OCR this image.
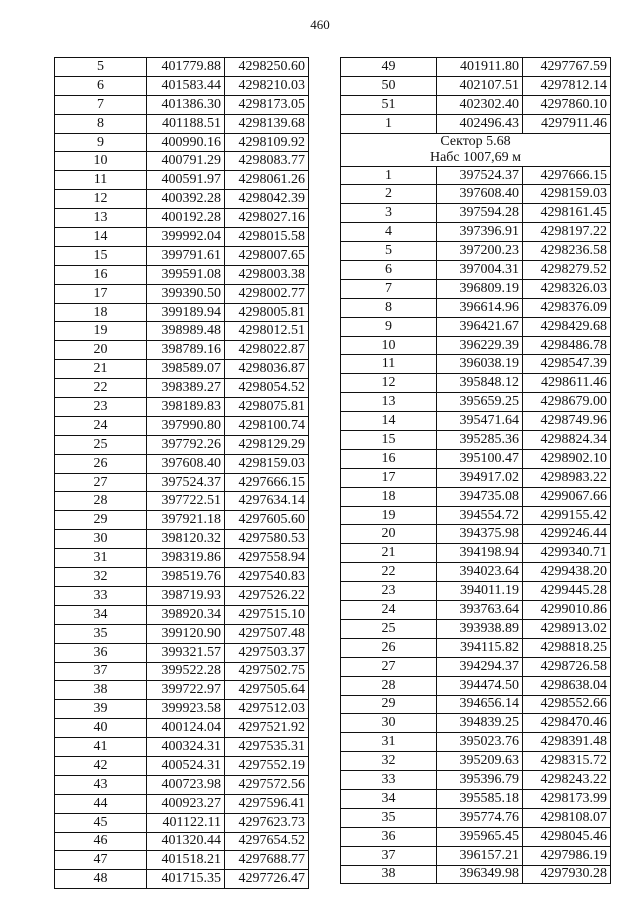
460
5	401779.88	4298250.60
6	401583.44	4298210.03
7	401386.30	4298173.05
8	401188.51	4298139.68
9	400990.16	4298109.92
10	400791.29	4298083.77
11	400591.97	4298061.26
12	400392.28	4298042.39
13	400192.28	4298027.16
14	399992.04	4298015.58
15	399791.61	4298007.65
16	399591.08	4298003.38
17	399390.50	4298002.77
18	399189.94	4298005.81
19	398989.48	4298012.51
20	398789.16	4298022.87
21	398589.07	4298036.87
22	398389.27	4298054.52
23	398189.83	4298075.81
24	397990.80	4298100.74
25	397792.26	4298129.29
26	397608.40	4298159.03
27	397524.37	4297666.15
28	397722.51	4297634.14
29	397921.18	4297605.60
30	398120.32	4297580.53
31	398319.86	4297558.94
32	398519.76	4297540.83
33	398719.93	4297526.22
34	398920.34	4297515.10
35	399120.90	4297507.48
36	399321.57	4297503.37
37	399522.28	4297502.75
38	399722.97	4297505.64
39	399923.58	4297512.03
40	400124.04	4297521.92
41	400324.31	4297535.31
42	400524.31	4297552.19
43	400723.98	4297572.56
44	400923.27	4297596.41
45	401122.11	4297623.73
46	401320.44	4297654.52
47	401518.21	4297688.77
48	401715.35	4297726.47
49	401911.80	4297767.59
50	402107.51	4297812.14
51	402302.40	4297860.10
1	402496.43	4297911.46

Сектор 5.68
Набс 1007,69 м		

1	397524.37	4297666.15
2	397608.40	4298159.03
3	397594.28	4298161.45
4	397396.91	4298197.22
5	397200.23	4298236.58
6	397004.31	4298279.52
7	396809.19	4298326.03
8	396614.96	4298376.09
9	396421.67	4298429.68
10	396229.39	4298486.78
11	396038.19	4298547.39
12	395848.12	4298611.46
13	395659.25	4298679.00
14	395471.64	4298749.96
15	395285.36	4298824.34
16	395100.47	4298902.10
17	394917.02	4298983.22
18	394735.08	4299067.66
19	394554.72	4299155.42
20	394375.98	4299246.44
21	394198.94	4299340.71
22	394023.64	4299438.20
23	394011.19	4299445.28
24	393763.64	4299010.86
25	393938.89	4298913.02
26	394115.82	4298818.25
27	394294.37	4298726.58
28	394474.50	4298638.04
29	394656.14	4298552.66
30	394839.25	4298470.46
31	395023.76	4298391.48
32	395209.63	4298315.72
33	395396.79	4298243.22
34	395585.18	4298173.99
35	395774.76	4298108.07
36	395965.45	4298045.46
37	396157.21	4297986.19
38	396349.98	4297930.28
